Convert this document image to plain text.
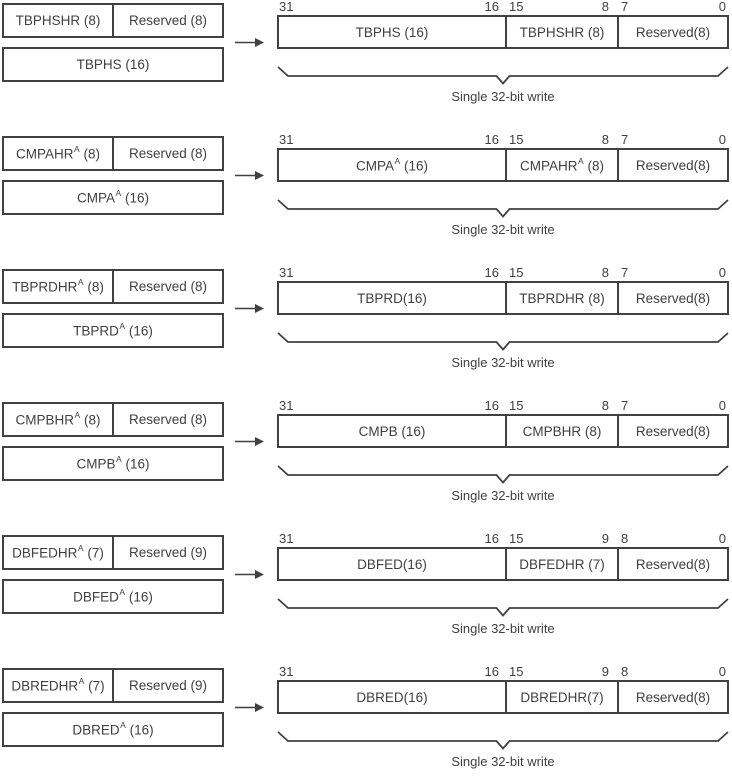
TBPHSHR (8) Reserved (8)
TBPHS (16)
31	16 15	8 7	0
TBPHS (16)	TBPHSHR (8) Reserved(8)
Single 32-bit write
CMPAHR$^A$ (8) Reserved (8)
CMPA$^A$ (16)
31	16 15	8 7	0
CMPA$^A$ (16)	CMPAHR$^A$ (8) Reserved(8)
Single 32-bit write
TBPRDHR$^A$ (8) Reserved (8)
TBPRD$^A$ (16)
31	16 15	8 7	0
TBPRD(16)	TBPRDHR (8) Reserved(8)
Single 32-bit write
CMPBHR$^A$ (8) Reserved (8)
CMPB$^A$ (16)
31	16 15	8 7	0
CMPB (16)	CMPBHR (8)	Reserved(8)
Single 32-bit write
DBFEDHR$^A$ (7) Reserved (9)
DBFED$^A$ (16)
31	16 15	9 8	0
DBFED(16)	DBFEDHR (7) Reserved(8)
Single 32-bit write
DBREDHR$^A$ (7) Reserved (9)
DBRED$^A$ (16)
31	16 15	9 8	0
DBRED(16)	DBREDHR(7) Reserved(8)
Single 32-bit write
